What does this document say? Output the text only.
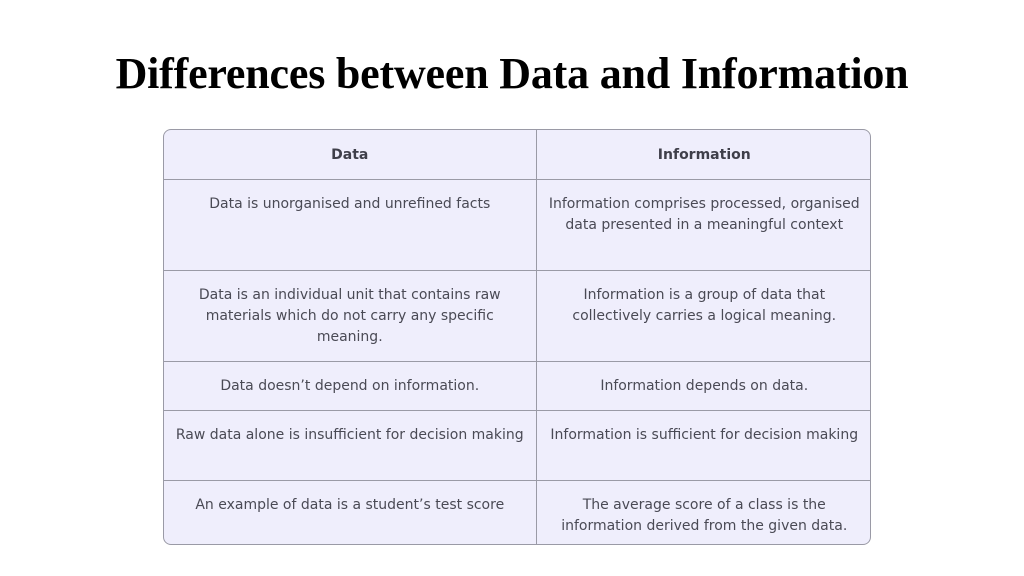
Differences between Data and Information
Data	Information
Data is unorganised and unrefined facts	Information comprises processed, organised data presented in a meaningful context
Data is an individual unit that contains raw materials which do not carry any specific meaning.	Information is a group of data that collectively carries a logical meaning.
Data doesn’t depend on information.	Information depends on data.
Raw data alone is insufficient for decision making	Information is sufficient for decision making
An example of data is a student’s test score	The average score of a class is the information derived from the given data.
